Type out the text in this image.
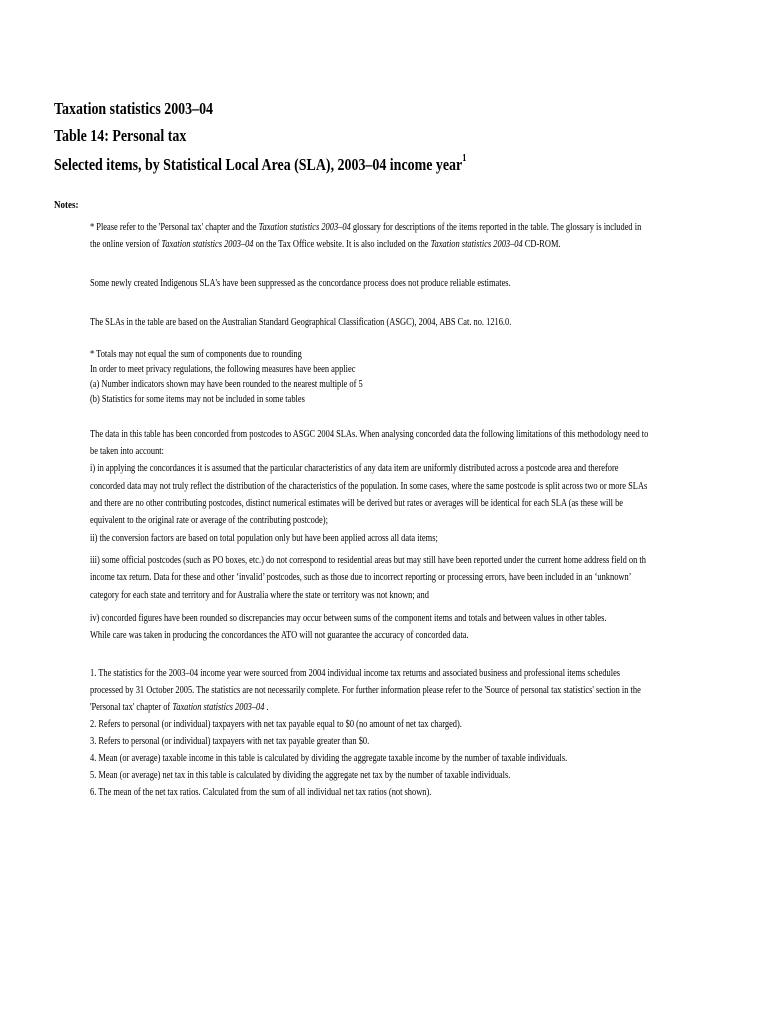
Taxation statistics 2003–04
Table 14: Personal tax
Selected items, by Statistical Local Area (SLA), 2003–04 income year$^1$
Notes:
* Please refer to the 'Personal tax' chapter and the Taxation statistics 2003–04 glossary for descriptions of the items reported in the table. The glossary is included in
the online version of Taxation statistics 2003–04 on the Tax Office website. It is also included on the Taxation statistics 2003–04 CD-ROM.
Some newly created Indigenous SLA's have been suppressed as the concordance process does not produce reliable estimates.
The SLAs in the table are based on the Australian Standard Geographical Classification (ASGC), 2004, ABS Cat. no. 1216.0.
* Totals may not equal the sum of components due to rounding
In order to meet privacy regulations, the following measures have been appliec
(a) Number indicators shown may have been rounded to the nearest multiple of 5
(b) Statistics for some items may not be included in some tables
The data in this table has been concorded from postcodes to ASGC 2004 SLAs. When analysing concorded data the following limitations of this methodology need to
be taken into account:
i) in applying the concordances it is assumed that the particular characteristics of any data item are uniformly distributed across a postcode area and therefore
concorded data may not truly reflect the distribution of the characteristics of the population. In some cases, where the same postcode is split across two or more SLAs
and there are no other contributing postcodes, distinct numerical estimates will be derived but rates or averages will be identical for each SLA (as these will be
equivalent to the original rate or average of the contributing postcode);
ii) the conversion factors are based on total population only but have been applied across all data items;
iii) some official postcodes (such as PO boxes, etc.) do not correspond to residential areas but may still have been reported under the current home address field on th
income tax return. Data for these and other ‘invalid’ postcodes, such as those due to incorrect reporting or processing errors, have been included in an ‘unknown’
category for each state and territory and for Australia where the state or territory was not known; and
iv) concorded figures have been rounded so discrepancies may occur between sums of the component items and totals and between values in other tables.
While care was taken in producing the concordances the ATO will not guarantee the accuracy of concorded data.
1. The statistics for the 2003–04 income year were sourced from 2004 individual income tax returns and associated business and professional items schedules
processed by 31 October 2005. The statistics are not necessarily complete. For further information please refer to the 'Source of personal tax statistics' section in the
'Personal tax' chapter of Taxation statistics 2003–04 .
2. Refers to personal (or individual) taxpayers with net tax payable equal to $0 (no amount of net tax charged).
3. Refers to personal (or individual) taxpayers with net tax payable greater than $0.
4. Mean (or average) taxable income in this table is calculated by dividing the aggregate taxable income by the number of taxable individuals.
5. Mean (or average) net tax in this table is calculated by dividing the aggregate net tax by the number of taxable individuals.
6. The mean of the net tax ratios. Calculated from the sum of all individual net tax ratios (not shown).
